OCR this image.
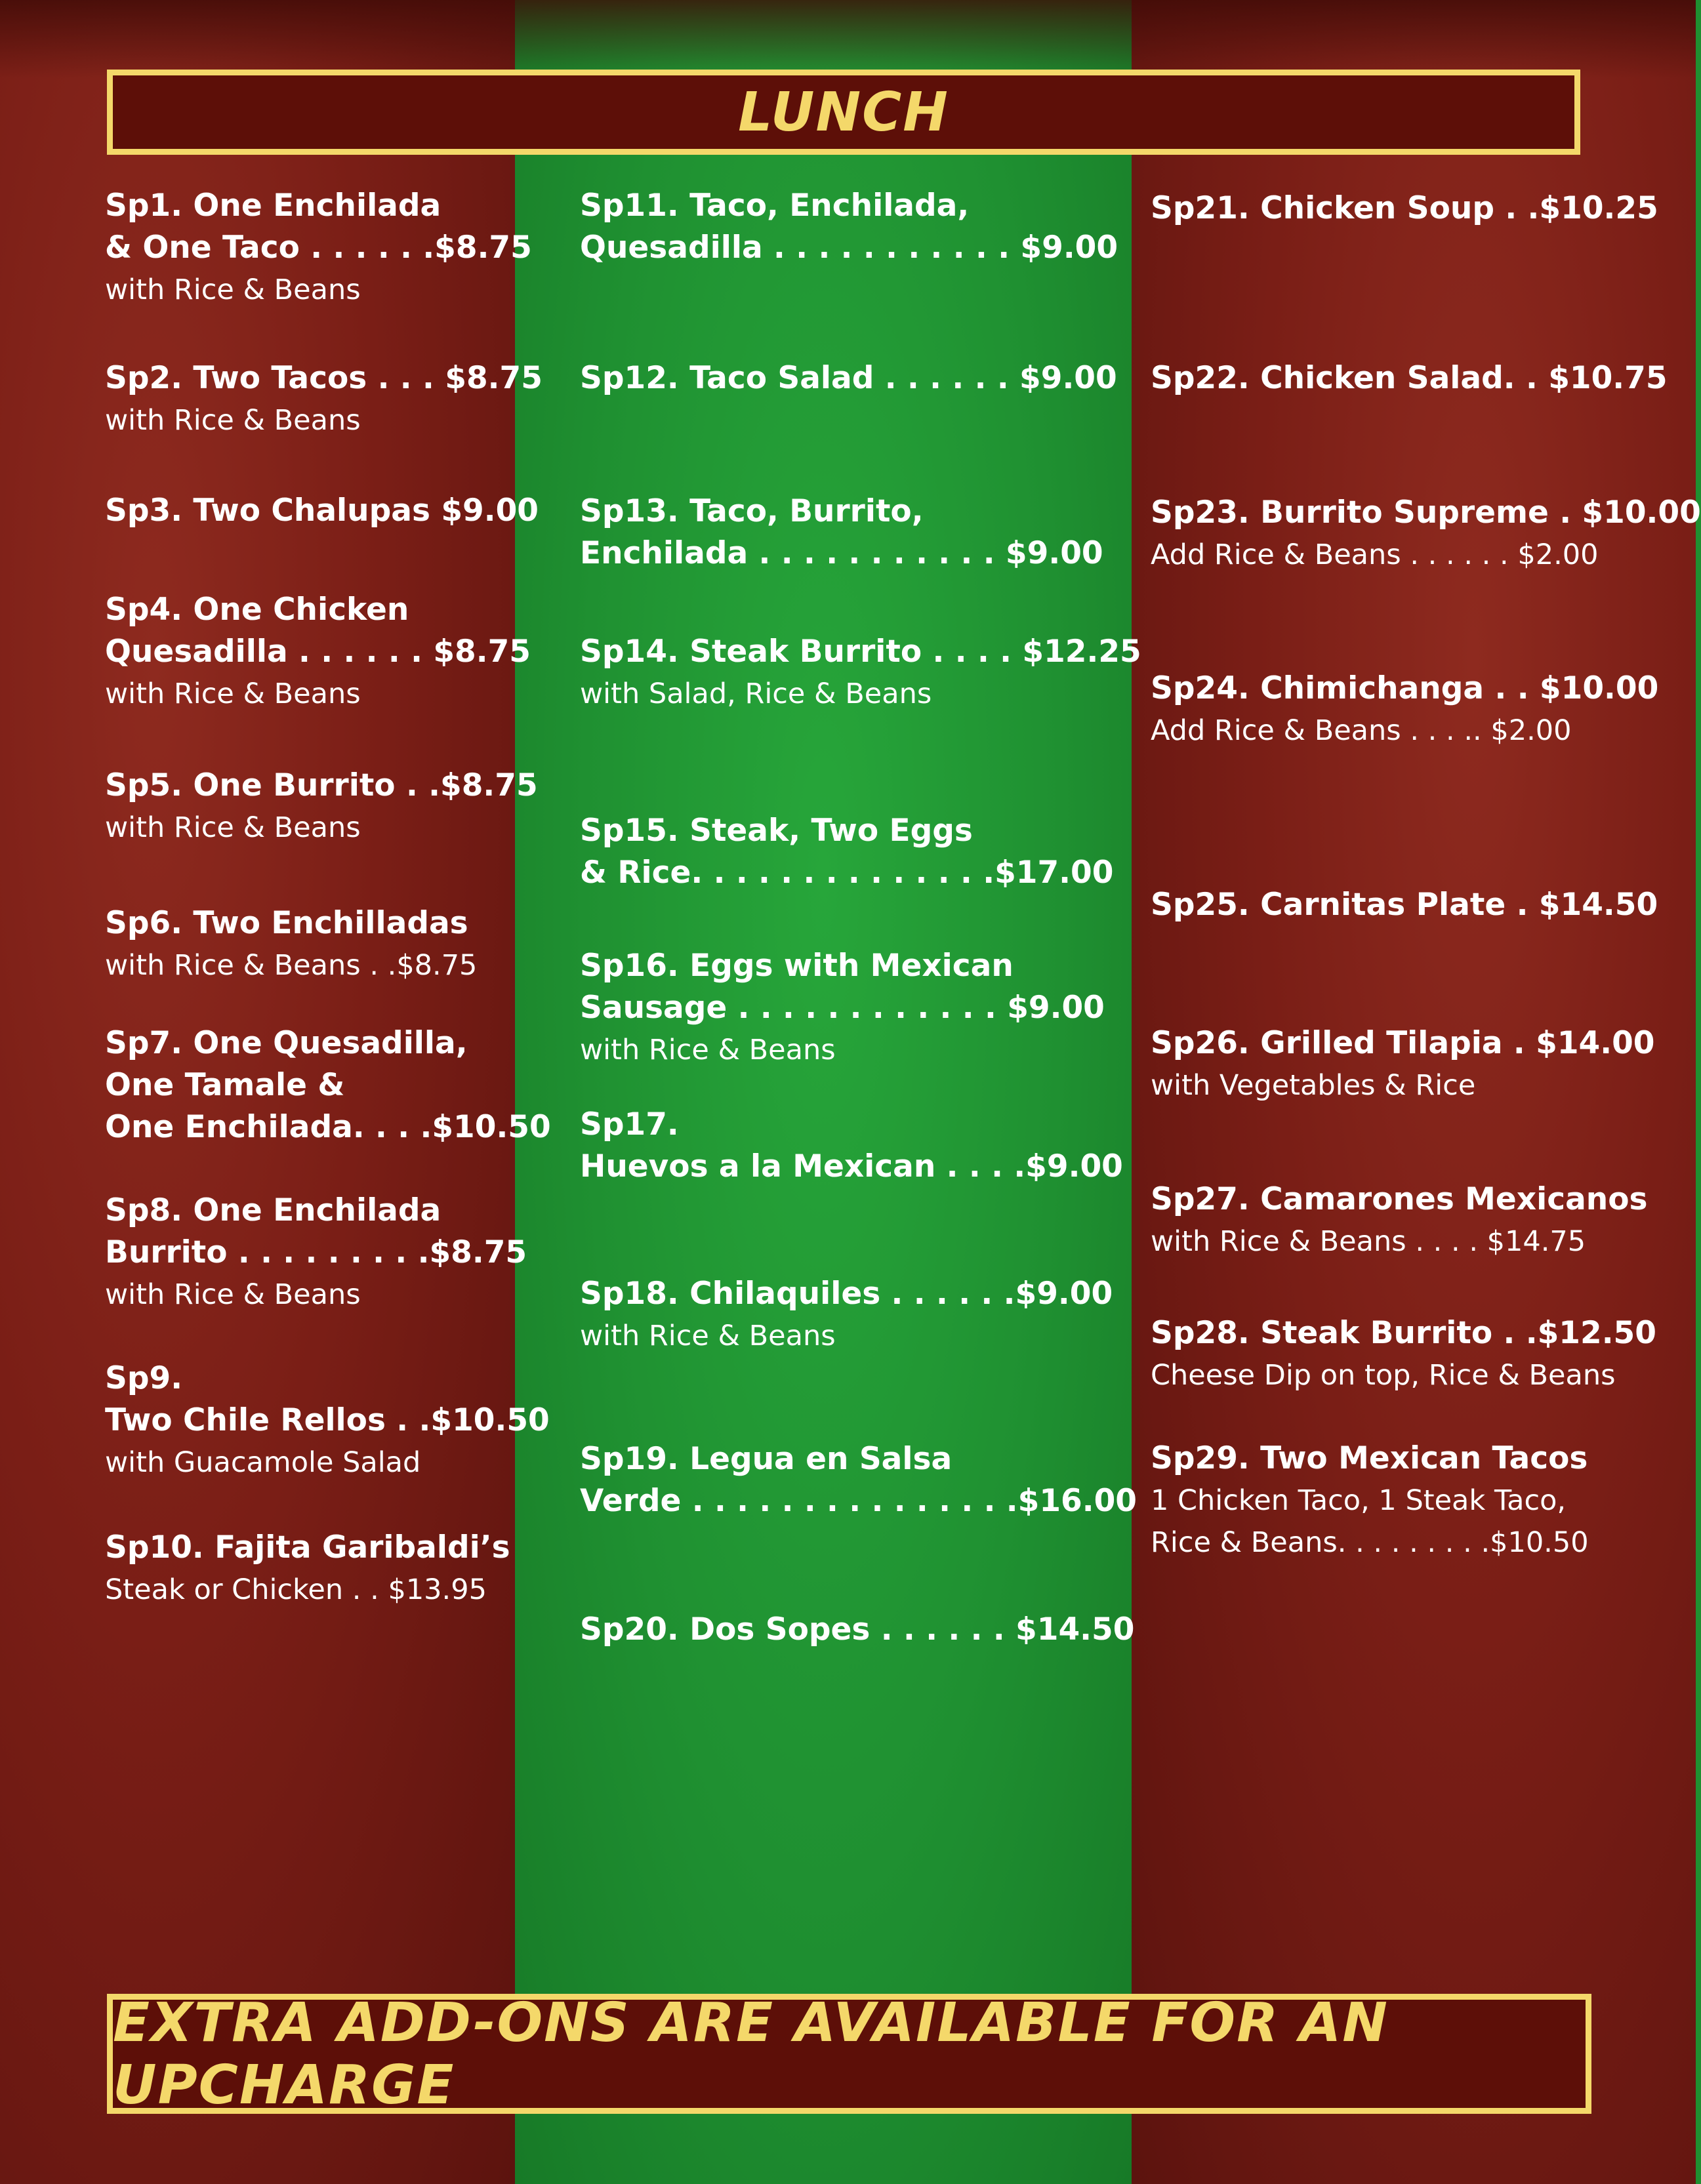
LUNCH
Sp1. One Enchilada
& One Taco . . . . . .$8.75
with Rice & Beans
Sp2. Two Tacos . . . $8.75
with Rice & Beans
Sp3. Two Chalupas $9.00
Sp4. One Chicken
Quesadilla . . . . . . $8.75
with Rice & Beans
Sp5. One Burrito . .$8.75
with Rice & Beans
Sp6. Two Enchilladas
with Rice & Beans . .$8.75
Sp7. One Quesadilla,
One Tamale &
One Enchilada. . . .$10.50
Sp8. One Enchilada
Burrito . . . . . . . . .$8.75
with Rice & Beans
Sp9.
Two Chile Rellos . .$10.50
with Guacamole Salad
Sp10. Fajita Garibaldi’s
Steak or Chicken . . $13.95
Sp11. Taco, Enchilada,
Quesadilla . . . . . . . . . . . $9.00
Sp12. Taco Salad . . . . . . $9.00
Sp13. Taco, Burrito,
Enchilada . . . . . . . . . . . $9.00
Sp14. Steak Burrito . . . . $12.25
with Salad, Rice & Beans
Sp15. Steak, Two Eggs
& Rice. . . . . . . . . . . . . .$17.00
Sp16. Eggs with Mexican
Sausage . . . . . . . . . . . . $9.00
with Rice & Beans
Sp17.
Huevos a la Mexican . . . .$9.00
Sp18. Chilaquiles . . . . . .$9.00
with Rice & Beans
Sp19. Legua en Salsa
Verde . . . . . . . . . . . . . . .$16.00
Sp20. Dos Sopes . . . . . . $14.50
Sp21. Chicken Soup . .$10.25
Sp22. Chicken Salad. . $10.75
Sp23. Burrito Supreme . $10.00
Add Rice & Beans . . . . . . $2.00
Sp24. Chimichanga . . $10.00
Add Rice & Beans . . . .. $2.00
Sp25. Carnitas Plate . $14.50
Sp26. Grilled Tilapia . $14.00
with Vegetables & Rice
Sp27. Camarones Mexicanos
with Rice & Beans . . . . $14.75
Sp28. Steak Burrito . .$12.50
Cheese Dip on top, Rice & Beans
Sp29. Two Mexican Tacos
1 Chicken Taco, 1 Steak Taco,
Rice & Beans. . . . . . . . .$10.50
EXTRA ADD-ONS ARE AVAILABLE FOR AN UPCHARGE
